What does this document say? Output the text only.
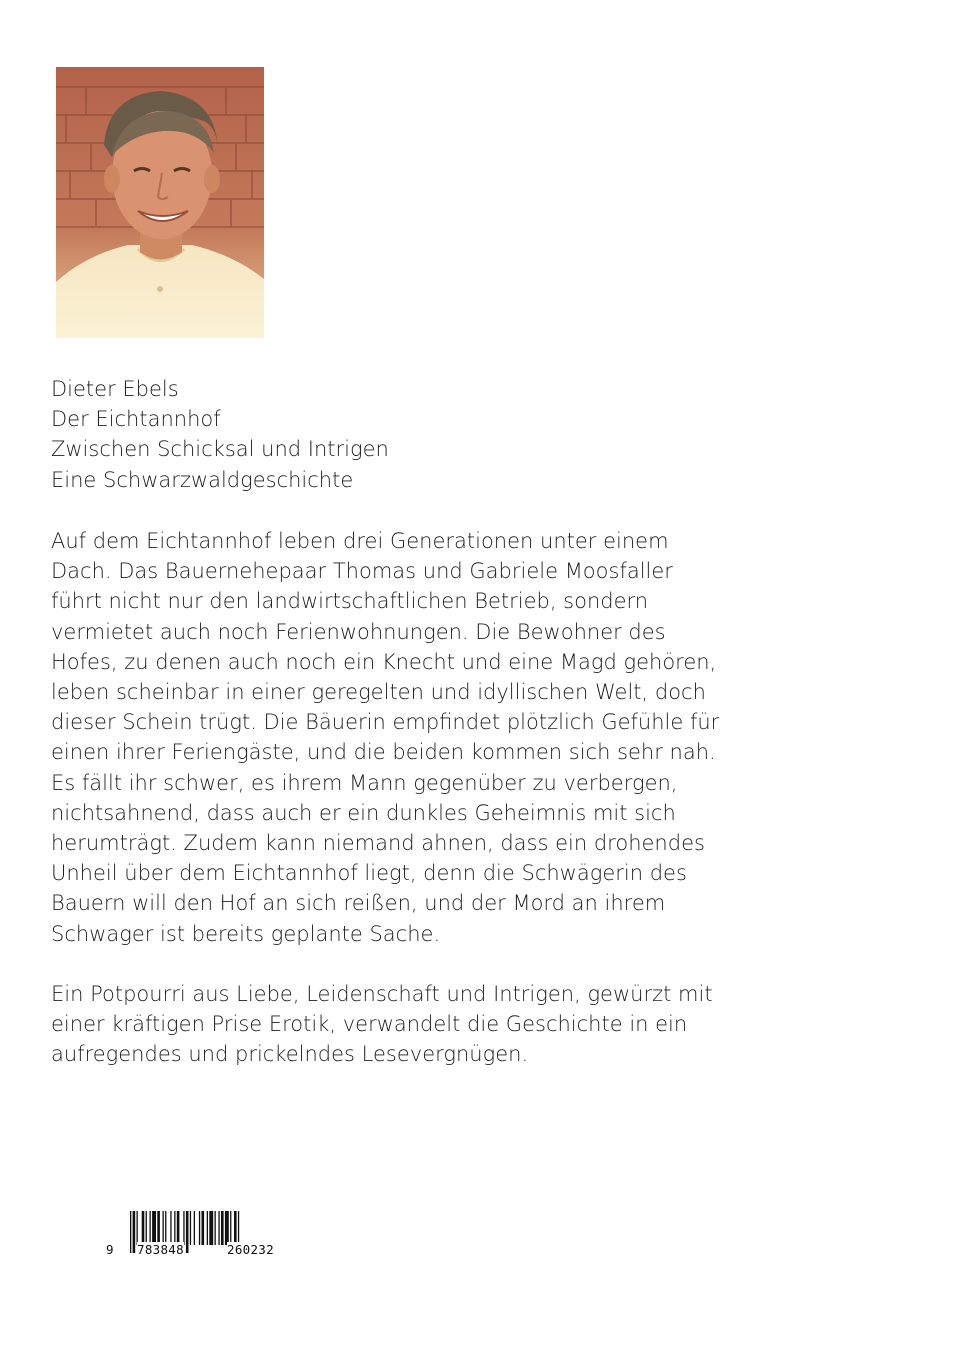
Dieter Ebels
Der Eichtannhof
Zwischen Schicksal und Intrigen
Eine Schwarzwaldgeschichte

Auf dem Eichtannhof leben drei Generationen unter einem
Dach. Das Bauernehepaar Thomas und Gabriele Moosfaller
führt nicht nur den landwirtschaftlichen Betrieb, sondern
vermietet auch noch Ferienwohnungen. Die Bewohner des
Hofes, zu denen auch noch ein Knecht und eine Magd gehören,
leben scheinbar in einer geregelten und idyllischen Welt, doch
dieser Schein trügt. Die Bäuerin empfindet plötzlich Gefühle für
einen ihrer Feriengäste, und die beiden kommen sich sehr nah.
Es fällt ihr schwer, es ihrem Mann gegenüber zu verbergen,
nichtsahnend, dass auch er ein dunkles Geheimnis mit sich
herumträgt. Zudem kann niemand ahnen, dass ein drohendes
Unheil über dem Eichtannhof liegt, denn die Schwägerin des
Bauern will den Hof an sich reißen, und der Mord an ihrem
Schwager ist bereits geplante Sache.

Ein Potpourri aus Liebe, Leidenschaft und Intrigen, gewürzt mit
einer kräftigen Prise Erotik, verwandelt die Geschichte in ein
aufregendes und prickelndes Lesevergnügen.

9 783848	260232
